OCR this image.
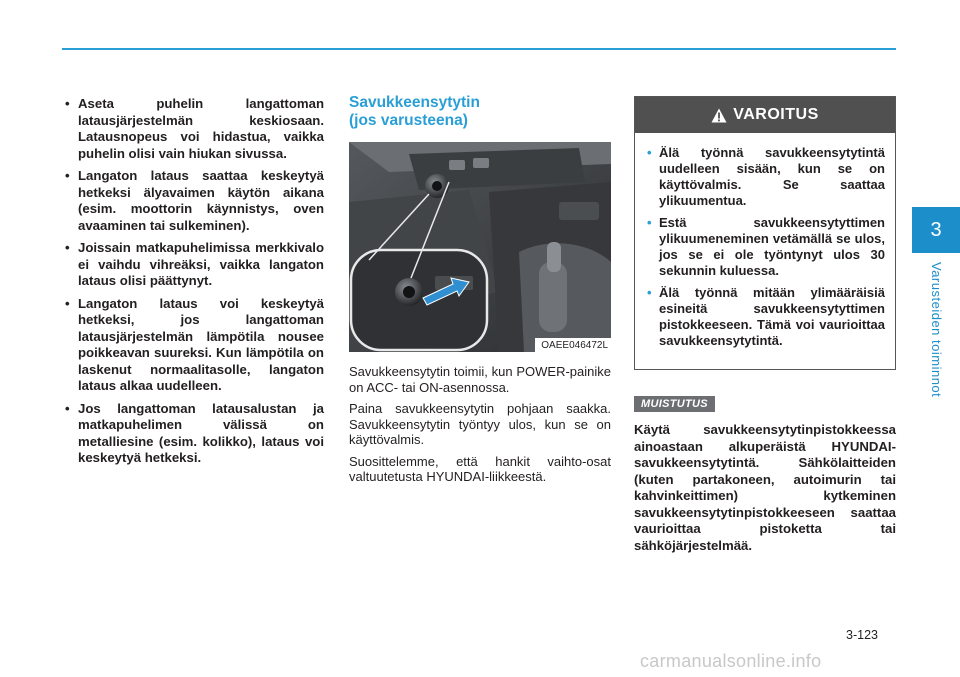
3
Varusteiden toiminnot
• Aseta puhelin langattoman latausjärjestelmän keskiosaan. Latausnopeus voi hidastua, vaikka puhelin olisi vain hiukan sivussa.
• Langaton lataus saattaa keskeytyä hetkeksi älyavaimen käytön aikana (esim. moottorin käynnistys, oven avaaminen tai sulkeminen).
• Joissain matkapuhelimissa merkkivalo ei vaihdu vihreäksi, vaikka langaton lataus olisi päättynyt.
• Langaton lataus voi keskeytyä hetkeksi, jos langattoman latausjärjestelmän lämpötila nousee poikkeavan suureksi. Kun lämpötila on laskenut normaalitasolle, langaton lataus alkaa uudelleen.
• Jos langattoman latausalustan ja matkapuhelimen välissä on metalliesine (esim. kolikko), lataus voi keskeytyä hetkeksi.
Savukkeensytytin
(jos varusteena)
OAEE046472L

Savukkeensytytin toimii, kun POWER-painike on ACC- tai ON-asennossa.

Paina savukkeensytytin pohjaan saakka. Savukkeensytytin työntyy ulos, kun se on käyttövalmis.

Suosittelemme, että hankit vaihto-osat valtuutetusta HYUNDAI-liikkeestä.

VAROITUS
• Älä työnnä savukkeensytytintä uudelleen sisään, kun se on käyttövalmis. Se saattaa ylikuumentua.
• Estä savukkeensytyttimen ylikuumeneminen vetämällä se ulos, jos se ei ole työntynyt ulos 30 sekunnin kuluessa.
• Älä työnnä mitään ylimääräisiä esineitä savukkeensytyttimen pistokkeeseen. Tämä voi vaurioittaa savukkeensytytintä.
MUISTUTUS
Käytä savukkeensytytinpistokkeessa ainoastaan alkuperäistä HYUNDAI-savukkeensytytintä. Sähkölaitteiden (kuten partakoneen, autoimurin tai kahvinkeittimen) kytkeminen savukkeensytytinpistokkeeseen saattaa vaurioittaa pistoketta tai sähköjärjestelmää.
3-123
carmanualsonline.info
